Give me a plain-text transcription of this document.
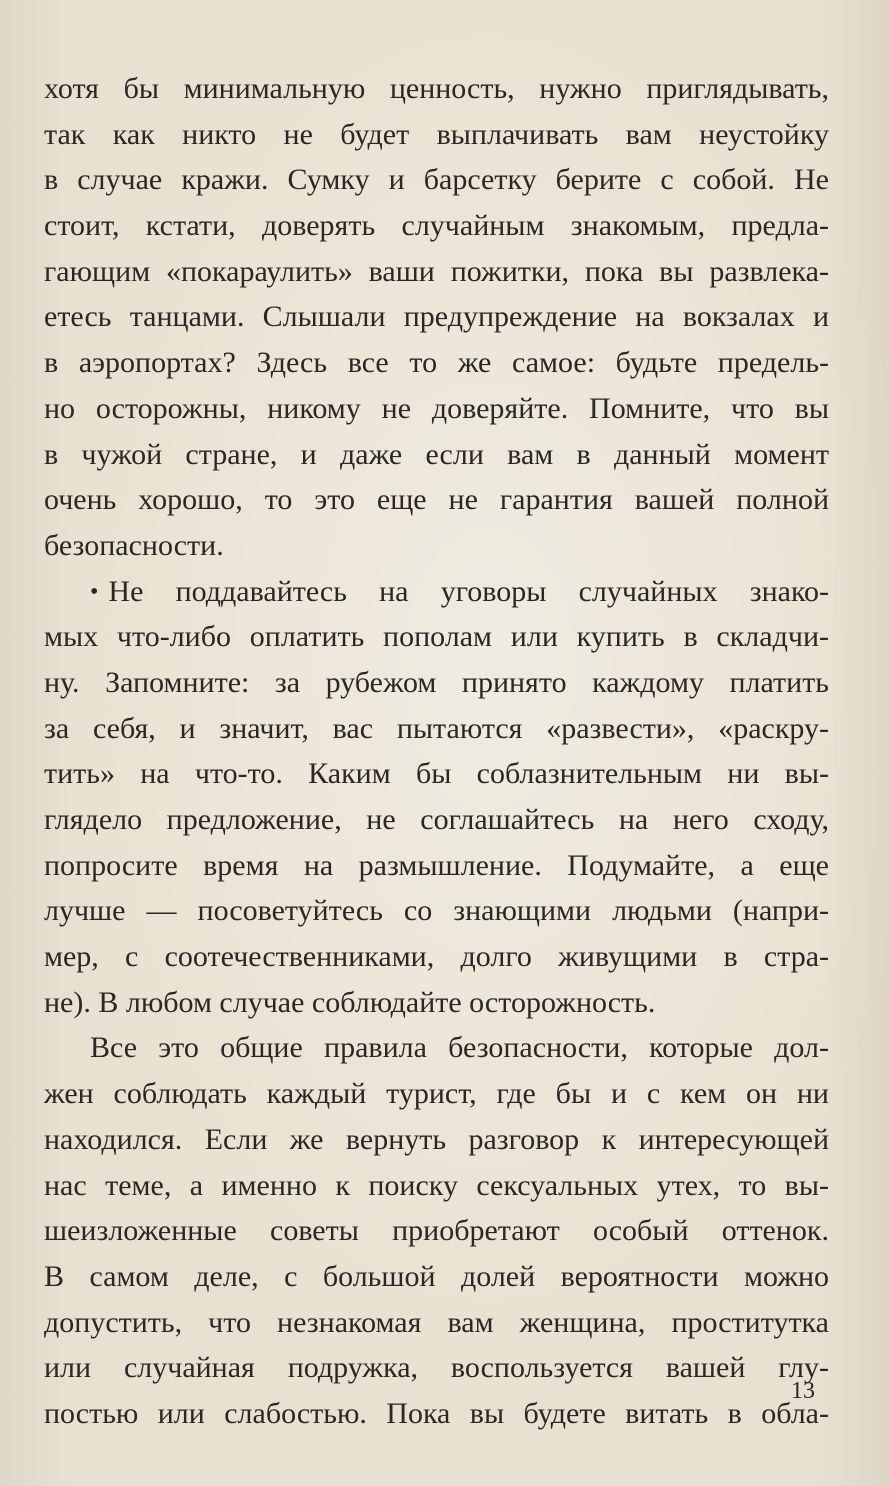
хотя бы минимальную ценность, нужно приглядывать,
так как никто не будет выплачивать вам неустойку
в случае кражи. Сумку и барсетку берите с собой. Не
стоит, кстати, доверять случайным знакомым, предла-
гающим «покараулить» ваши пожитки, пока вы развлека-
етесь танцами. Слышали предупреждение на вокзалах и
в аэропортах? Здесь все то же самое: будьте предель-
но осторожны, никому не доверяйте. Помните, что вы
в чужой стране, и даже если вам в данный момент
очень хорошо, то это еще не гарантия вашей полной
безопасности.

• Не поддавайтесь на уговоры случайных знако-
мых что-либо оплатить пополам или купить в складчи-
ну. Запомните: за рубежом принято каждому платить
за себя, и значит, вас пытаются «развести», «раскру-
тить» на что-то. Каким бы соблазнительным ни вы-
глядело предложение, не соглашайтесь на него сходу,
попросите время на размышление. Подумайте, а еще
лучше — посоветуйтесь со знающими людьми (напри-
мер, с соотечественниками, долго живущими в стра-
не). В любом случае соблюдайте осторожность.

Все это общие правила безопасности, которые дол-
жен соблюдать каждый турист, где бы и с кем он ни
находился. Если же вернуть разговор к интересующей
нас теме, а именно к поиску сексуальных утех, то вы-
шеизложенные советы приобретают особый оттенок.
В самом деле, с большой долей вероятности можно
допустить, что незнакомая вам женщина, проститутка
или случайная подружка, воспользуется вашей глу-
постью или слабостью. Пока вы будете витать в обла-

13
